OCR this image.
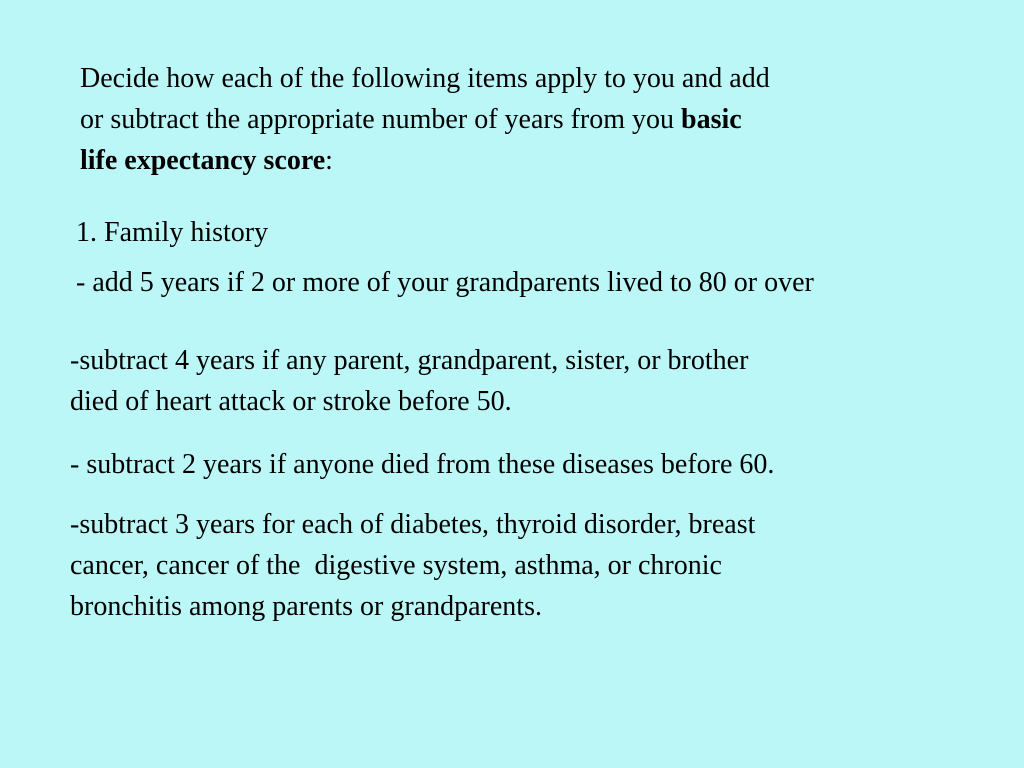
Decide how each of the following items apply to you and add
or subtract the appropriate number of years from you basic
life expectancy score:

1. Family history

- add 5 years if 2 or more of your grandparents lived to 80 or over

-subtract 4 years if any parent, grandparent, sister, or brother
died of heart attack or stroke before 50.

- subtract 2 years if anyone died from these diseases before 60.

-subtract 3 years for each of diabetes, thyroid disorder, breast
cancer, cancer of the  digestive system, asthma, or chronic
bronchitis among parents or grandparents.
